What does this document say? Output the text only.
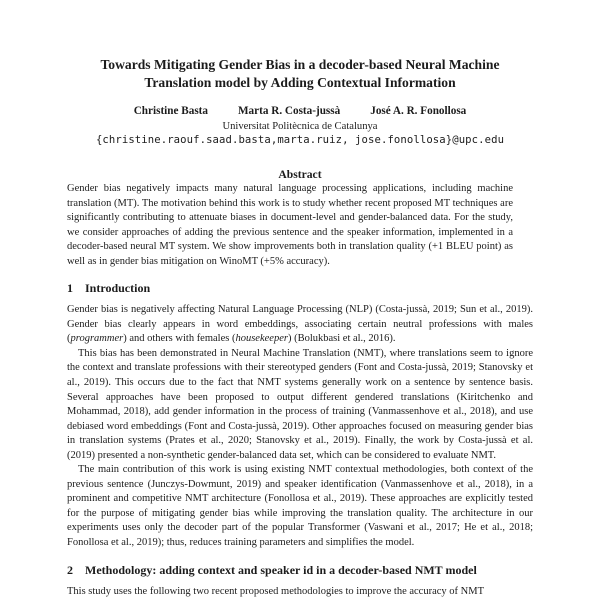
Towards Mitigating Gender Bias in a decoder-based Neural Machine Translation model by Adding Contextual Information
Christine Basta	Marta R. Costa-jussà	José A. R. Fonollosa
Universitat Politècnica de Catalunya
{christine.raouf.saad.basta,marta.ruiz, jose.fonollosa}@upc.edu
Abstract

Gender bias negatively impacts many natural language processing applications, including machine translation (MT). The motivation behind this work is to study whether recent proposed MT techniques are significantly contributing to attenuate biases in document-level and gender-balanced data. For the study, we consider approaches of adding the previous sentence and the speaker information, implemented in a decoder-based neural MT system. We show improvements both in translation quality (+1 BLEU point) as well as in gender bias mitigation on WinoMT (+5% accuracy).

1 Introduction

Gender bias is negatively affecting Natural Language Processing (NLP) (Costa-jussà, 2019; Sun et al., 2019). Gender bias clearly appears in word embeddings, associating certain neutral professions with males (programmer) and others with females (housekeeper) (Bolukbasi et al., 2016).

This bias has been demonstrated in Neural Machine Translation (NMT), where translations seem to ignore the context and translate professions with their stereotyped genders (Font and Costa-jussà, 2019; Stanovsky et al., 2019). This occurs due to the fact that NMT systems generally work on a sentence by sentence basis. Several approaches have been proposed to output different gendered translations (Kiritchenko and Mohammad, 2018), add gender information in the process of training (Vanmassenhove et al., 2018), and use debiased word embeddings (Font and Costa-jussà, 2019). Other approaches focused on measuring gender bias in translation systems (Prates et al., 2020; Stanovsky et al., 2019). Finally, the work by Costa-jussà et al. (2019) presented a non-synthetic gender-balanced data set, which can be considered to evaluate NMT.

The main contribution of this work is using existing NMT contextual methodologies, both context of the previous sentence (Junczys-Dowmunt, 2019) and speaker identification (Vanmassenhove et al., 2018), in a prominent and competitive NMT architecture (Fonollosa et al., 2019). These approaches are explicitly tested for the purpose of mitigating gender bias while improving the translation quality. The architecture in our experiments uses only the decoder part of the popular Transformer (Vaswani et al., 2017; He et al., 2018; Fonollosa et al., 2019); thus, reduces training parameters and simplifies the model.

2 Methodology: adding context and speaker id in a decoder-based NMT model

This study uses the following two recent proposed methodologies to improve the accuracy of NMT
